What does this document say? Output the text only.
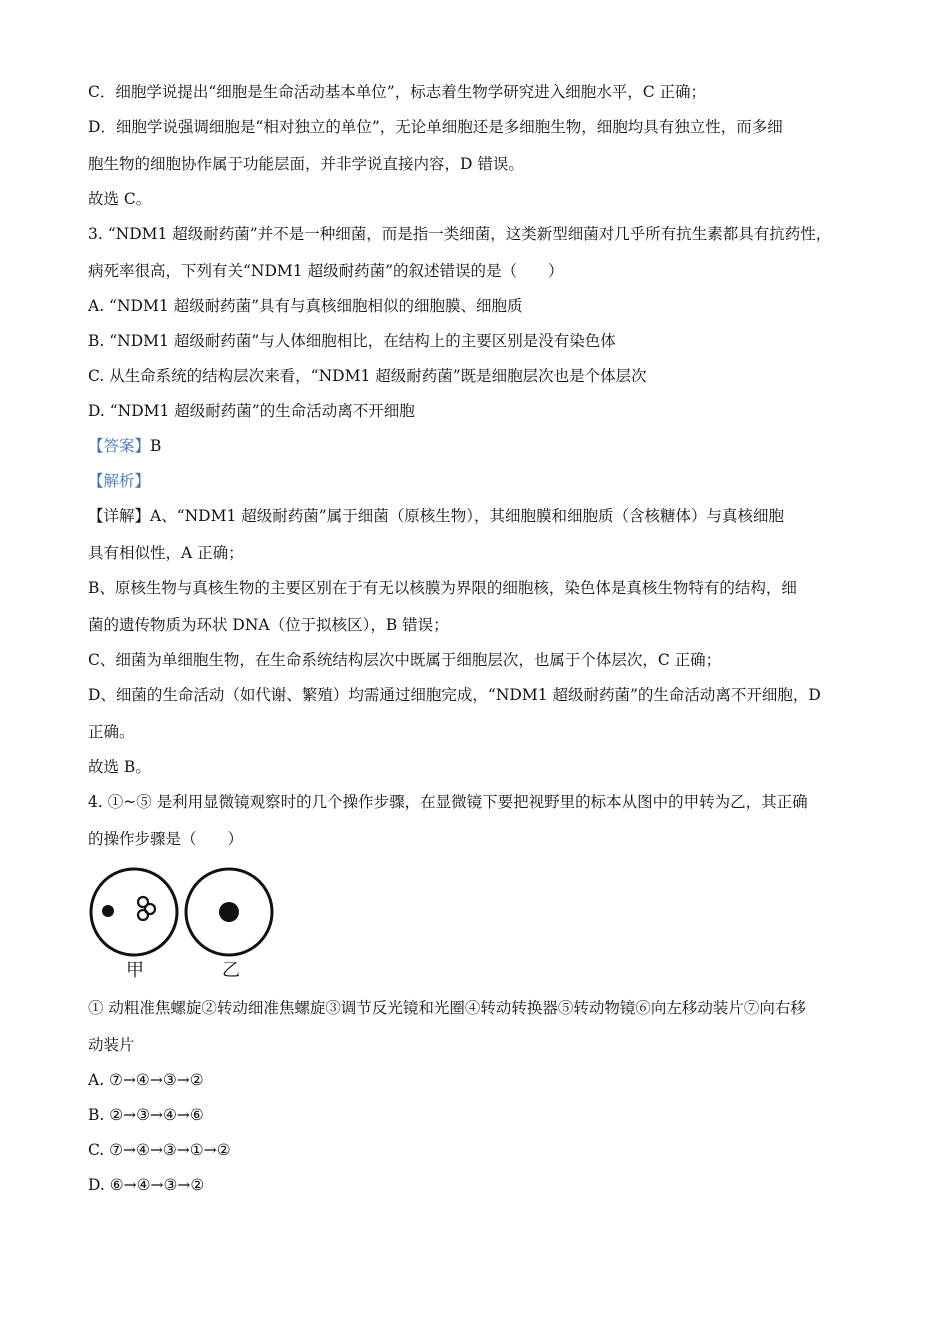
C．细胞学说提出“细胞是生命活动基本单位”，标志着生物学研究进入细胞水平，C 正确；
D．细胞学说强调细胞是“相对独立的单位”，无论单细胞还是多细胞生物，细胞均具有独立性，而多细
胞生物的细胞协作属于功能层面，并非学说直接内容，D 错误。
故选 C。
3. “NDM1 超级耐药菌”并不是一种细菌，而是指一类细菌，这类新型细菌对几乎所有抗生素都具有抗药性，
病死率很高，下列有关“NDM1 超级耐药菌”的叙述错误的是（　　）
A. “NDM1 超级耐药菌”具有与真核细胞相似的细胞膜、细胞质
B. “NDM1 超级耐药菌”与人体细胞相比，在结构上的主要区别是没有染色体
C. 从生命系统的结构层次来看，“NDM1 超级耐药菌”既是细胞层次也是个体层次
D. “NDM1 超级耐药菌”的生命活动离不开细胞
【答案】B
【解析】
【详解】A、“NDM1 超级耐药菌”属于细菌（原核生物），其细胞膜和细胞质（含核糖体）与真核细胞
具有相似性，A 正确；
B、原核生物与真核生物的主要区别在于有无以核膜为界限的细胞核，染色体是真核生物特有的结构，细
菌的遗传物质为环状 DNA（位于拟核区），B 错误；
C、细菌为单细胞生物，在生命系统结构层次中既属于细胞层次，也属于个体层次，C 正确；
D、细菌的生命活动（如代谢、繁殖）均需通过细胞完成，“NDM1 超级耐药菌”的生命活动离不开细胞，D
正确。
故选 B。
4. ①~⑤ 是利用显微镜观察时的几个操作步骤，在显微镜下要把视野里的标本从图中的甲转为乙，其正确
的操作步骤是（　　）
甲	乙
① 动粗准焦螺旋②转动细准焦螺旋③调节反光镜和光圈④转动转换器⑤转动物镜⑥向左移动装片⑦向右移
动装片
A. ⑦→④→③→②
B. ②→③→④→⑥
C. ⑦→④→③→①→②
D. ⑥→④→③→②
